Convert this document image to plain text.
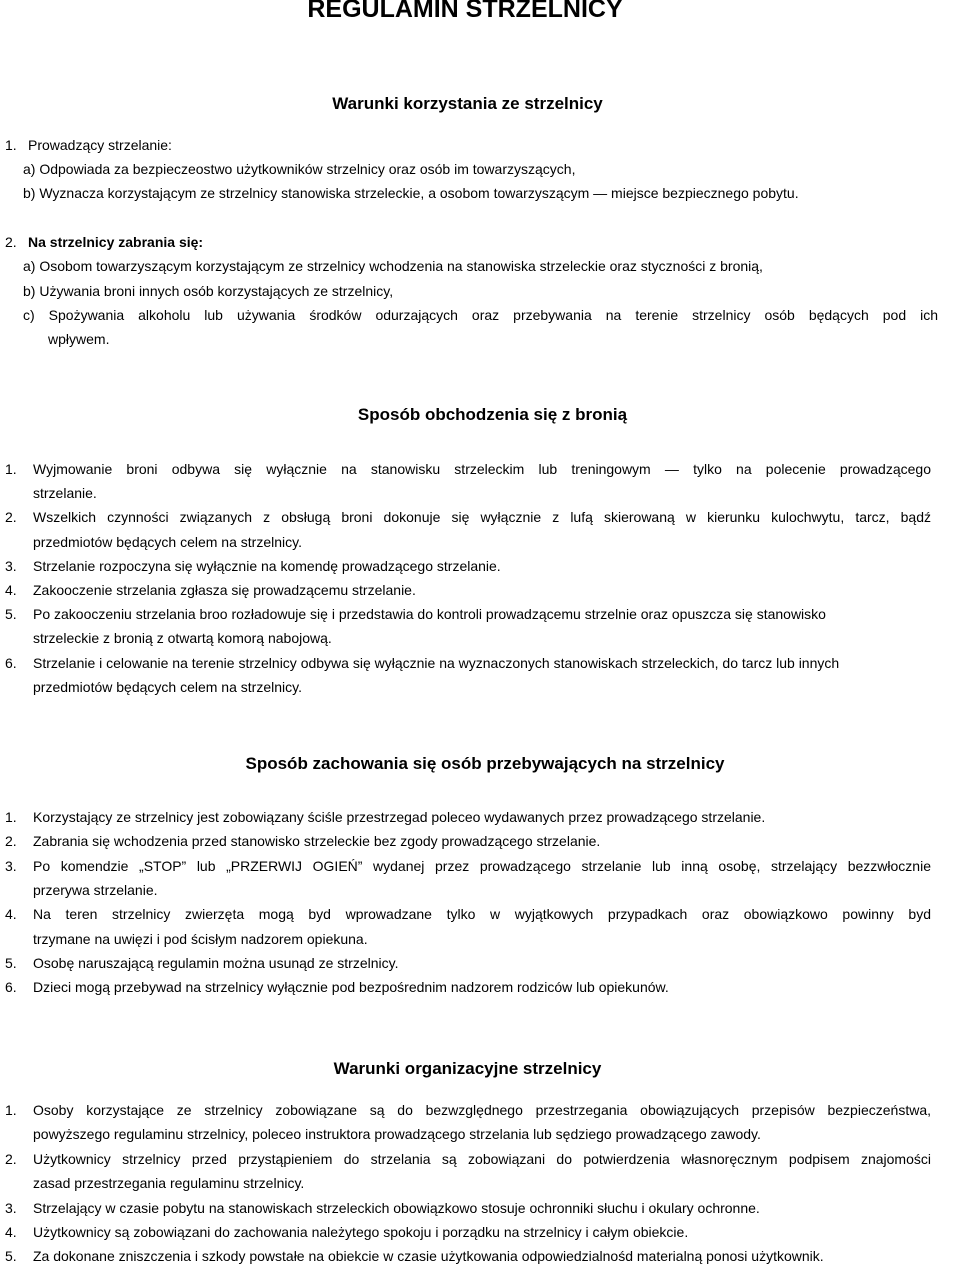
REGULAMIN STRZELNICY
Warunki korzystania ze strzelnicy
1. Prowadzący strzelanie:
a) Odpowiada za bezpieczeostwo użytkowników strzelnicy oraz osób im towarzyszących,
b) Wyznacza korzystającym ze strzelnicy stanowiska strzeleckie, a osobom towarzyszącym — miejsce bezpiecznego pobytu.
2. Na strzelnicy zabrania się:
a) Osobom towarzyszącym korzystającym ze strzelnicy wchodzenia na stanowiska strzeleckie oraz styczności z bronią,
b) Używania broni innych osób korzystających ze strzelnicy,
c) Spożywania alkoholu lub używania środków odurzających oraz przebywania na terenie strzelnicy osób będących pod ich
wpływem.
Sposób obchodzenia się z bronią
1. Wyjmowanie broni odbywa się wyłącznie na stanowisku strzeleckim lub treningowym — tylko na polecenie prowadzącego
strzelanie.
2. Wszelkich czynności związanych z obsługą broni dokonuje się wyłącznie z lufą skierowaną w kierunku kulochwytu, tarcz, bądź
przedmiotów będących celem na strzelnicy.
3. Strzelanie rozpoczyna się wyłącznie na komendę prowadzącego strzelanie.
4. Zakooczenie strzelania zgłasza się prowadzącemu strzelanie.
5. Po zakooczeniu strzelania broo rozładowuje się i przedstawia do kontroli prowadzącemu strzelnie oraz opuszcza się stanowisko
strzeleckie z bronią z otwartą komorą nabojową.
6. Strzelanie i celowanie na terenie strzelnicy odbywa się wyłącznie na wyznaczonych stanowiskach strzeleckich, do tarcz lub innych
przedmiotów będących celem na strzelnicy.
Sposób zachowania się osób przebywających na strzelnicy
1. Korzystający ze strzelnicy jest zobowiązany ściśle przestrzegad poleceo wydawanych przez prowadzącego strzelanie.
2. Zabrania się wchodzenia przed stanowisko strzeleckie bez zgody prowadzącego strzelanie.
3. Po komendzie „STOP” lub „PRZERWIJ OGIEŃ” wydanej przez prowadzącego strzelanie lub inną osobę, strzelający bezzwłocznie
przerywa strzelanie.
4. Na teren strzelnicy zwierzęta mogą byd wprowadzane tylko w wyjątkowych przypadkach oraz obowiązkowo powinny byd
trzymane na uwięzi i pod ścisłym nadzorem opiekuna.
5. Osobę naruszającą regulamin można usunąd ze strzelnicy.
6. Dzieci mogą przebywad na strzelnicy wyłącznie pod bezpośrednim nadzorem rodziców lub opiekunów.
Warunki organizacyjne strzelnicy
1. Osoby korzystające ze strzelnicy zobowiązane są do bezwzględnego przestrzegania obowiązujących przepisów bezpieczeństwa,
powyższego regulaminu strzelnicy, poleceo instruktora prowadzącego strzelania lub sędziego prowadzącego zawody.
2. Użytkownicy strzelnicy przed przystąpieniem do strzelania są zobowiązani do potwierdzenia własnoręcznym podpisem znajomości
zasad przestrzegania regulaminu strzelnicy.
3. Strzelający w czasie pobytu na stanowiskach strzeleckich obowiązkowo stosuje ochronniki słuchu i okulary ochronne.
4. Użytkownicy są zobowiązani do zachowania należytego spokoju i porządku na strzelnicy i całym obiekcie.
5. Za dokonane zniszczenia i szkody powstałe na obiekcie w czasie użytkowania odpowiedzialnośd materialną ponosi użytkownik.
